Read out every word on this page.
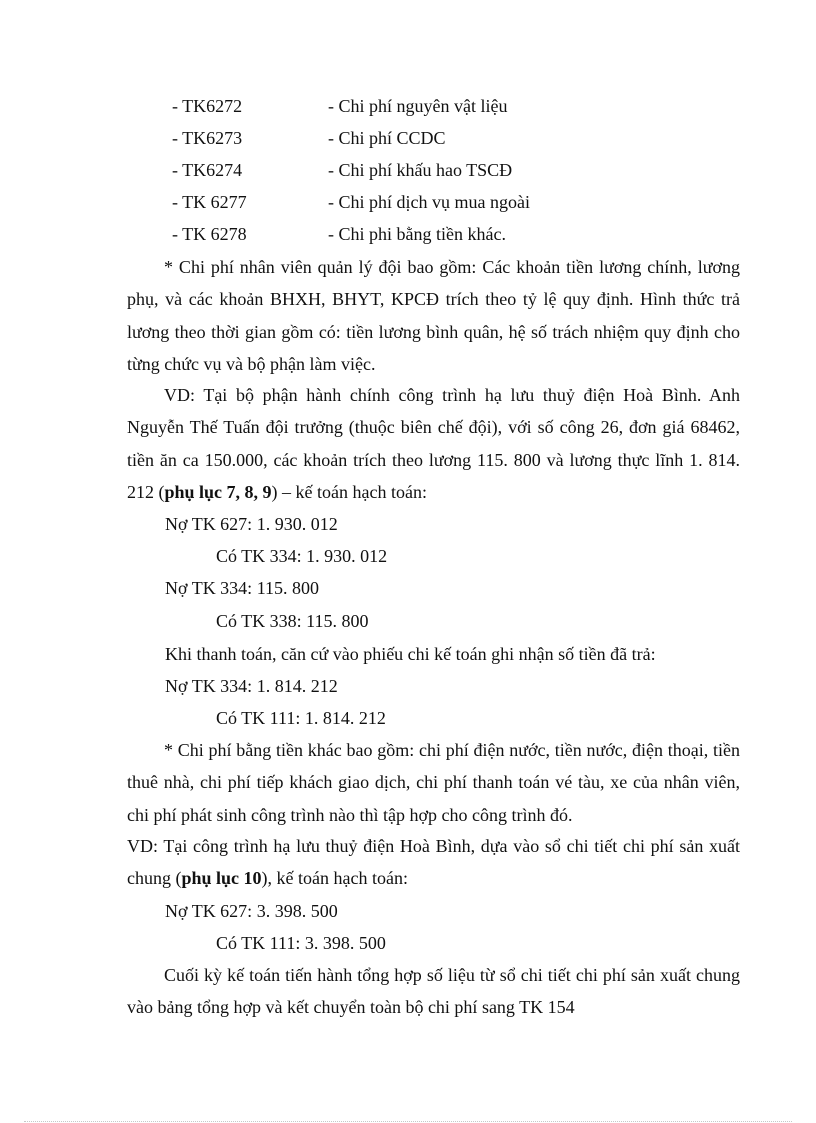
- TK6272	- Chi phí nguyên vật liệu
- TK6273	- Chi phí CCDC
- TK6274	- Chi phí khấu hao TSCĐ
- TK 6277	- Chi phí dịch vụ mua ngoài
- TK 6278	- Chi phi bằng tiền khác.

* Chi phí nhân viên quản lý đội bao gồm: Các khoản tiền lương chính, lương phụ, và các khoản BHXH, BHYT, KPCĐ trích theo tỷ lệ quy định. Hình thức trả lương theo thời gian gồm có: tiền lương bình quân, hệ số trách nhiệm quy định cho từng chức vụ và bộ phận làm việc.

VD: Tại bộ phận hành chính công trình hạ lưu thuỷ điện Hoà Bình. Anh Nguyễn Thế Tuấn đội trưởng (thuộc biên chế đội), với số công 26, đơn giá 68462, tiền ăn ca 150.000, các khoản trích theo lương 115. 800 và lương thực lĩnh 1. 814. 212 (phụ lục 7, 8, 9) – kế toán hạch toán:

Nợ TK 627: 1. 930. 012
Có TK 334: 1. 930. 012
Nợ TK 334: 115. 800
Có TK 338: 115. 800
Khi thanh toán, căn cứ vào phiếu chi kế toán ghi nhận số tiền đã trả:
Nợ TK 334: 1. 814. 212
Có TK 111: 1. 814. 212

* Chi phí bằng tiền khác bao gồm: chi phí điện nước, tiền nước, điện thoại, tiền thuê nhà, chi phí tiếp khách giao dịch, chi phí thanh toán vé tàu, xe của nhân viên, chi phí phát sinh công trình nào thì tập hợp cho công trình đó.

VD: Tại công trình hạ lưu thuỷ điện Hoà Bình, dựa vào sổ chi tiết chi phí sản xuất chung (phụ lục 10), kế toán hạch toán:

Nợ TK 627: 3. 398. 500
Có TK 111: 3. 398. 500

Cuối kỳ kế toán tiến hành tổng hợp số liệu từ sổ chi tiết chi phí sản xuất chung vào bảng tổng hợp và kết chuyển toàn bộ chi phí sang TK 154
